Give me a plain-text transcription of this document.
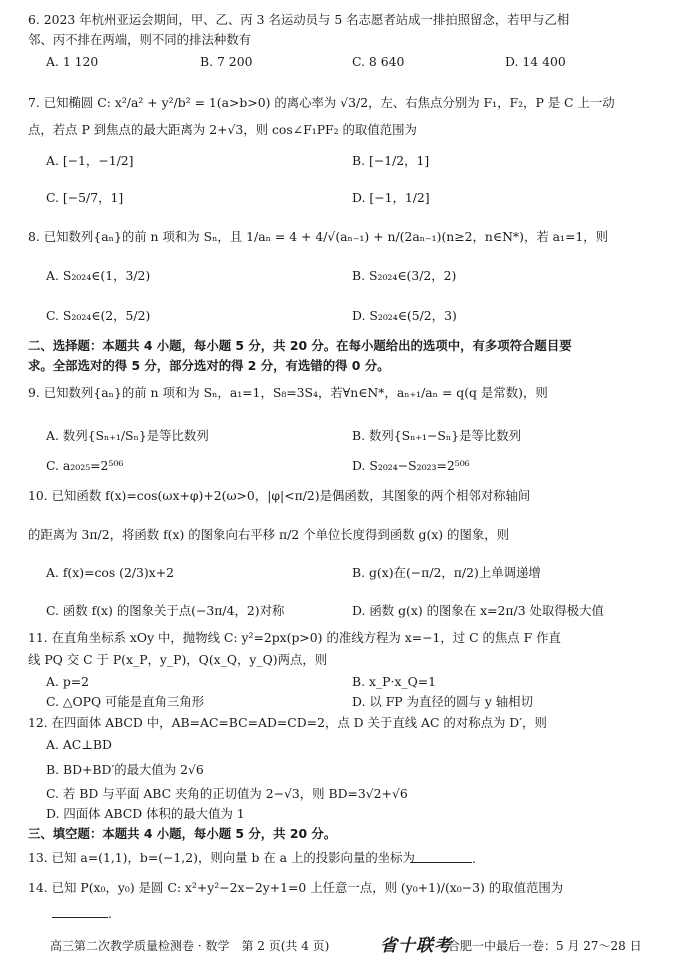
6. 2023 年杭州亚运会期间，甲、乙、丙 3 名运动员与 5 名志愿者站成一排拍照留念，若甲与乙相
邻、丙不排在两端，则不同的排法种数有
7. 已知椭圆 C: x²/a² + y²/b² = 1(a>b>0) 的离心率为 √3/2，左、右焦点分别为 F₁，F₂，P 是 C 上一动
点，若点 P 到焦点的最大距离为 2+√3，则 cos∠F₁PF₂ 的取值范围为
8. 已知数列{aₙ}的前 n 项和为 Sₙ，且 1/aₙ = 4 + 4/√(aₙ₋₁) + n/(2aₙ₋₁)(n≥2，n∈N*)，若 a₁=1，则
9. 已知数列{aₙ}的前 n 项和为 Sₙ，a₁=1，S₈=3S₄，若∀n∈N*，aₙ₊₁/aₙ = q(q 是常数)，则
10. 已知函数 f(x)=cos(ωx+φ)+2(ω>0，|φ|<π/2)是偶函数，其图象的两个相邻对称轴间
的距离为 3π/2，将函数 f(x) 的图象向右平移 π/2 个单位长度得到函数 g(x) 的图象，则
11. 在直角坐标系 xOy 中，抛物线 C: y²=2px(p>0) 的准线方程为 x=−1，过 C 的焦点 F 作直
线 PQ 交 C 于 P(x_P，y_P)，Q(x_Q，y_Q)两点，则
12. 在四面体 ABCD 中，AB=AC=BC=AD=CD=2，点 D 关于直线 AC 的对称点为 D′，则
13. 已知 a=(1,1)，b=(−1,2)，则向量 b 在 a 上的投影向量的坐标为
14. 已知 P(x₀，y₀) 是圆 C: x²+y²−2x−2y+1=0 上任意一点，则 (y₀+1)/(x₀−3) 的取值范围为
A. 1 120	B. 7 200	C. 8 640	D. 14 400
A. [−1，−1/2]	B. [−1/2，1]
C. [−5/7，1]	D. [−1，1/2]
A. S₂₀₂₄∈(1，3/2)	B. S₂₀₂₄∈(3/2，2)
C. S₂₀₂₄∈(2，5/2)	D. S₂₀₂₄∈(5/2，3)
A. 数列{Sₙ₊₁/Sₙ}是等比数列	B. 数列{Sₙ₊₁−Sₙ}是等比数列
C. a₂₀₂₅=2⁵⁰⁶	D. S₂₀₂₄−S₂₀₂₃=2⁵⁰⁶
A. f(x)=cos (2/3)x+2	B. g(x)在(−π/2，π/2)上单调递增
C. 函数 f(x) 的图象关于点(−3π/4，2)对称	D. 函数 g(x) 的图象在 x=2π/3 处取得极大值
A. p=2	B. x_P·x_Q=1
C. △OPQ 可能是直角三角形	D. 以 FP 为直径的圆与 y 轴相切
A. AC⊥BD
B. BD+BD′的最大值为 2√6
C. 若 BD 与平面 ABC 夹角的正切值为 2−√3，则 BD=3√2+√6
D. 四面体 ABCD 体积的最大值为 1
二、选择题：本题共 4 小题，每小题 5 分，共 20 分。在每小题给出的选项中，有多项符合题目要
求。全部选对的得 5 分，部分选对的得 2 分，有选错的得 0 分。
三、填空题：本题共 4 小题，每小题 5 分，共 20 分。
.
.
高三第二次教学质量检测卷 · 数学　第 2 页(共 4 页)	省十联考
合肥一中最后一卷：5 月 27～28 日
